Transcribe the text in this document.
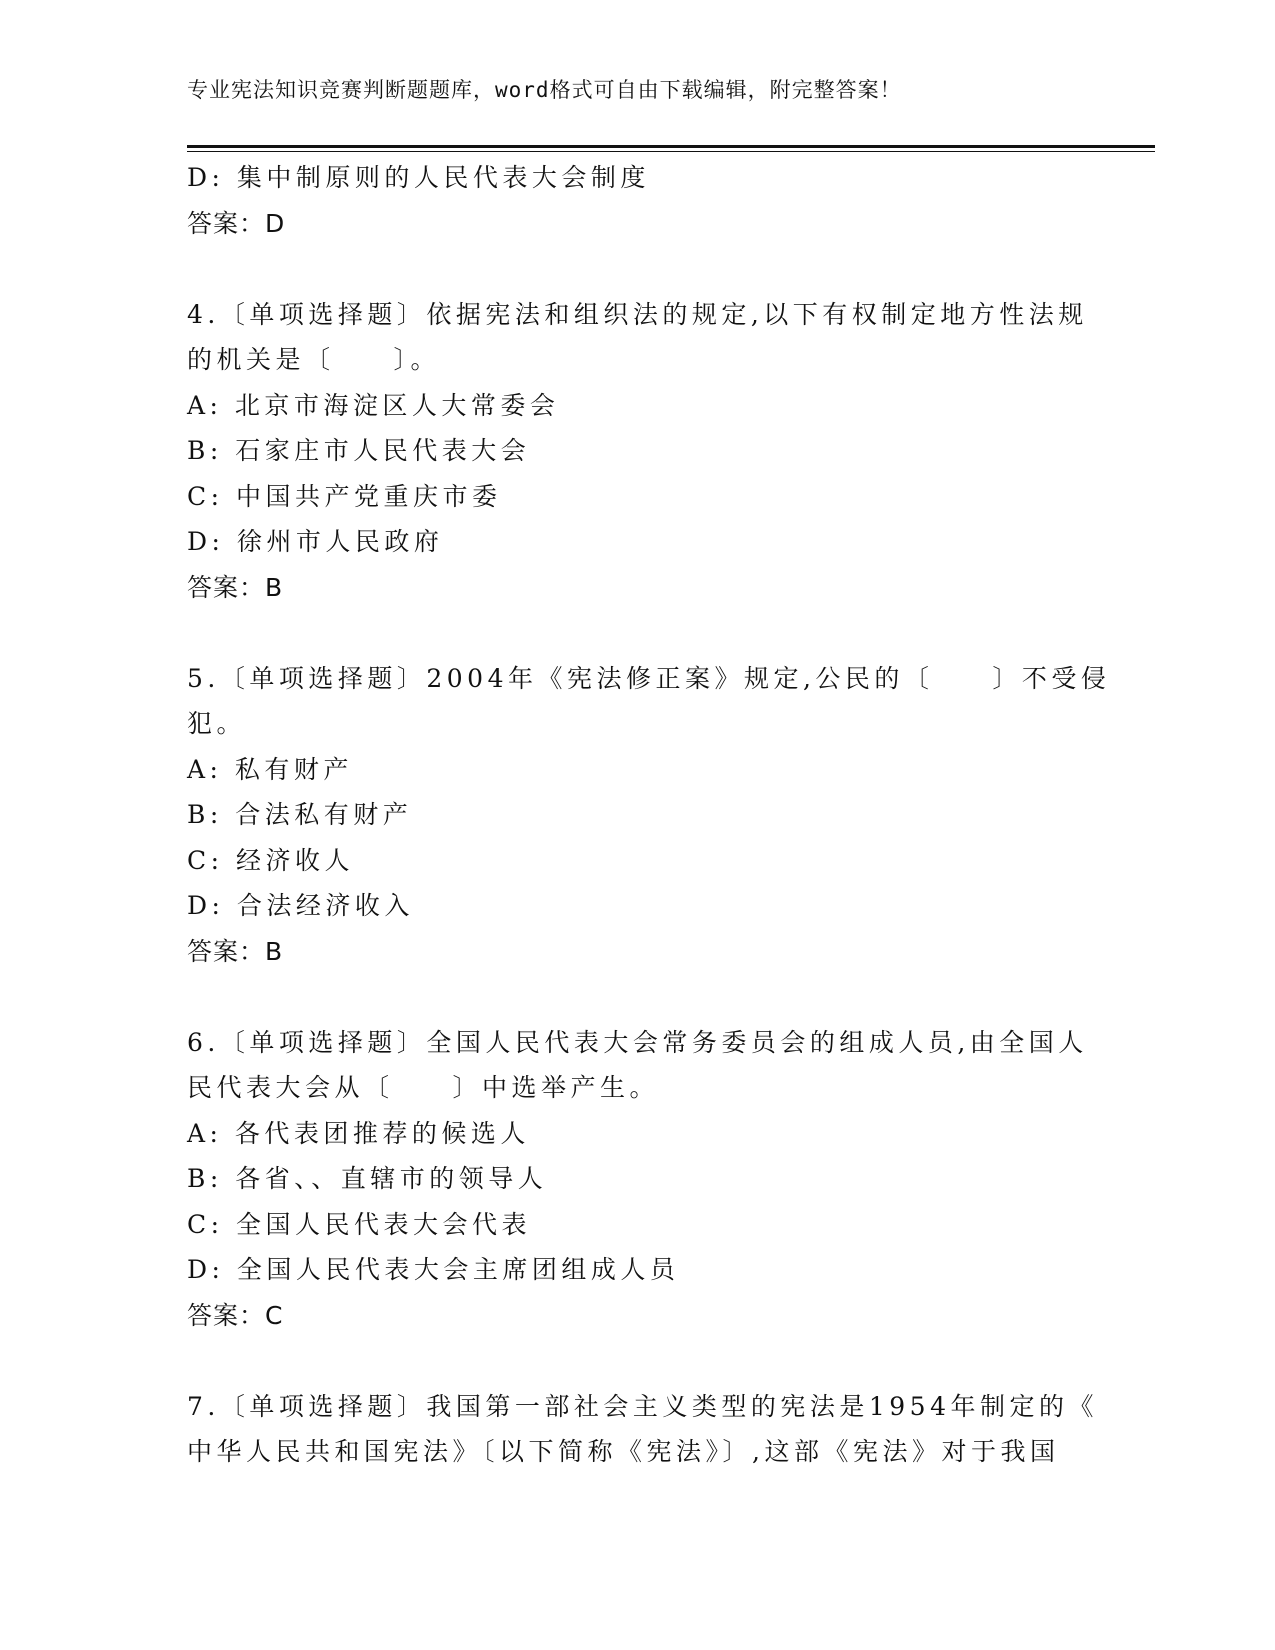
专业宪法知识竞赛判断题题库，word格式可自由下载编辑，附完整答案！
D: 集中制原则的人民代表大会制度
答案：D
4.〔单项选择题〕依据宪法和组织法的规定,以下有权制定地方性法规
的机关是〔　　〕。
A: 北京市海淀区人大常委会
B: 石家庄市人民代表大会
C: 中国共产党重庆市委
D: 徐州市人民政府
答案：B
5.〔单项选择题〕2004年《宪法修正案》规定,公民的〔　　〕不受侵
犯。
A: 私有财产
B: 合法私有财产
C: 经济收人
D: 合法经济收入
答案：B
6.〔单项选择题〕全国人民代表大会常务委员会的组成人员,由全国人
民代表大会从〔　　〕中选举产生。
A: 各代表团推荐的候选人
B: 各省、、直辖市的领导人
C: 全国人民代表大会代表
D: 全国人民代表大会主席团组成人员
答案：C
7.〔单项选择题〕我国第一部社会主义类型的宪法是1954年制定的《
中华人民共和国宪法》〔以下简称《宪法》〕,这部《宪法》对于我国
